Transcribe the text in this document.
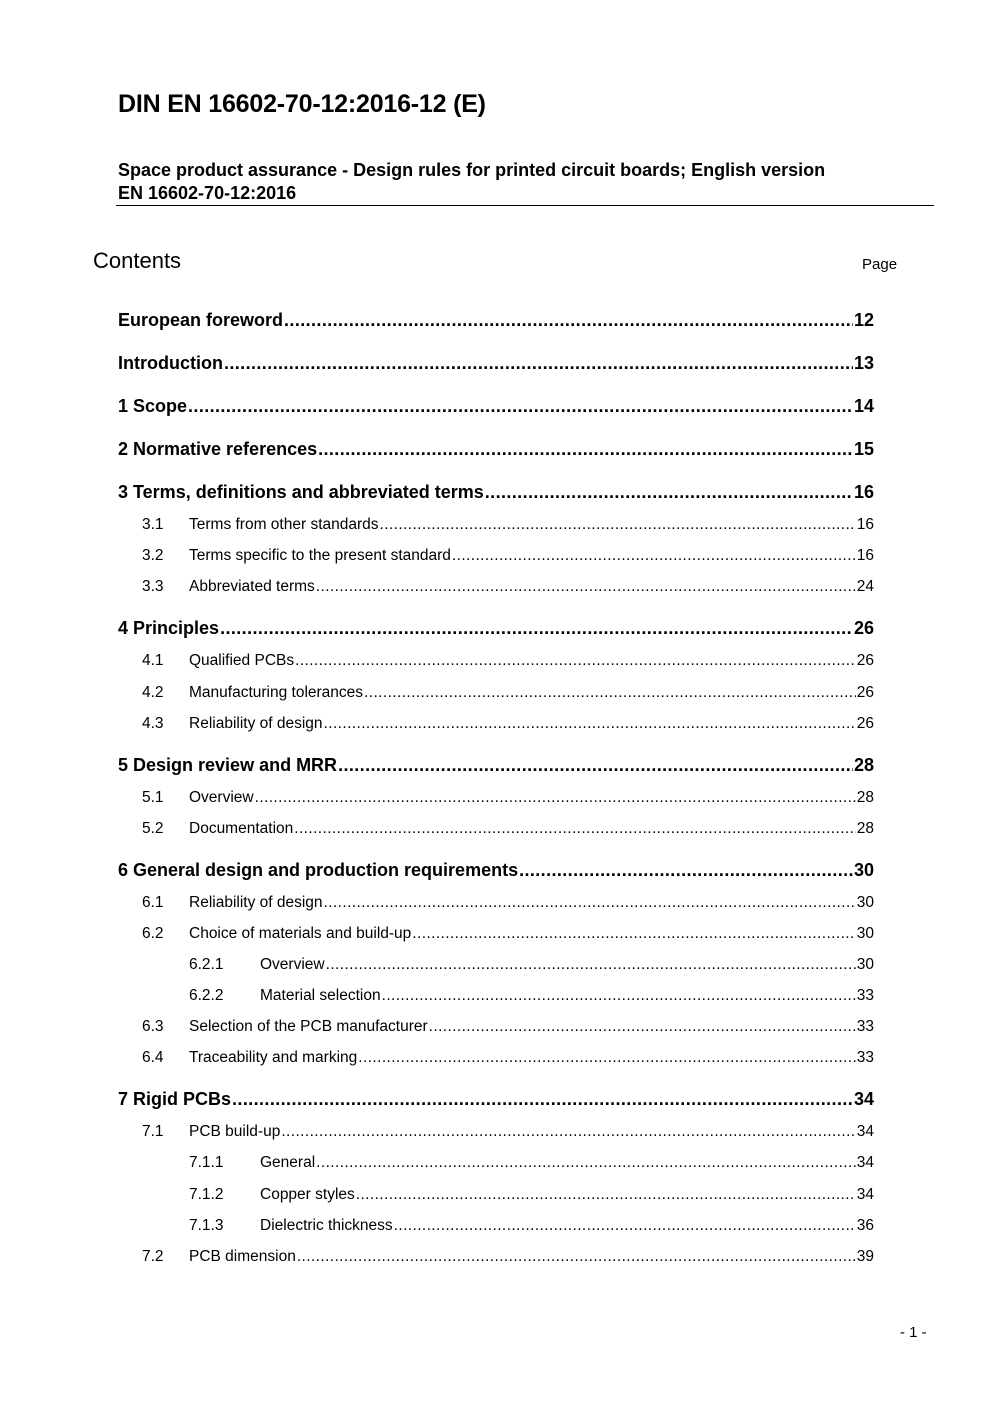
DIN EN 16602-70-12:2016-12 (E)
Space product assurance - Design rules for printed circuit boards; English version
EN 16602-70-12:2016
Contents	Page
European foreword .....	12
Introduction .....	13
1 Scope .....	14
2 Normative references .....	15
3 Terms, definitions and abbreviated terms .....	16
3.1	Terms from other standards .....	16
3.2	Terms specific to the present standard .....	16
3.3	Abbreviated terms .....	24
4 Principles .....	26
4.1	Qualified PCBs .....	26
4.2	Manufacturing tolerances .....	26
4.3	Reliability of design .....	26
5 Design review and MRR .....	28
5.1	Overview .....	28
5.2	Documentation .....	28
6 General design and production requirements .....	30
6.1	Reliability of design .....	30
6.2	Choice of materials and build-up .....	30
6.2.1	Overview .....	30
6.2.2	Material selection .....	33
6.3	Selection of the PCB manufacturer .....	33
6.4	Traceability and marking .....	33
7 Rigid PCBs .....	34
7.1	PCB build-up .....	34
7.1.1	General .....	34
7.1.2	Copper styles .....	34
7.1.3	Dielectric thickness .....	36
7.2	PCB dimension .....	39
- 1 -
